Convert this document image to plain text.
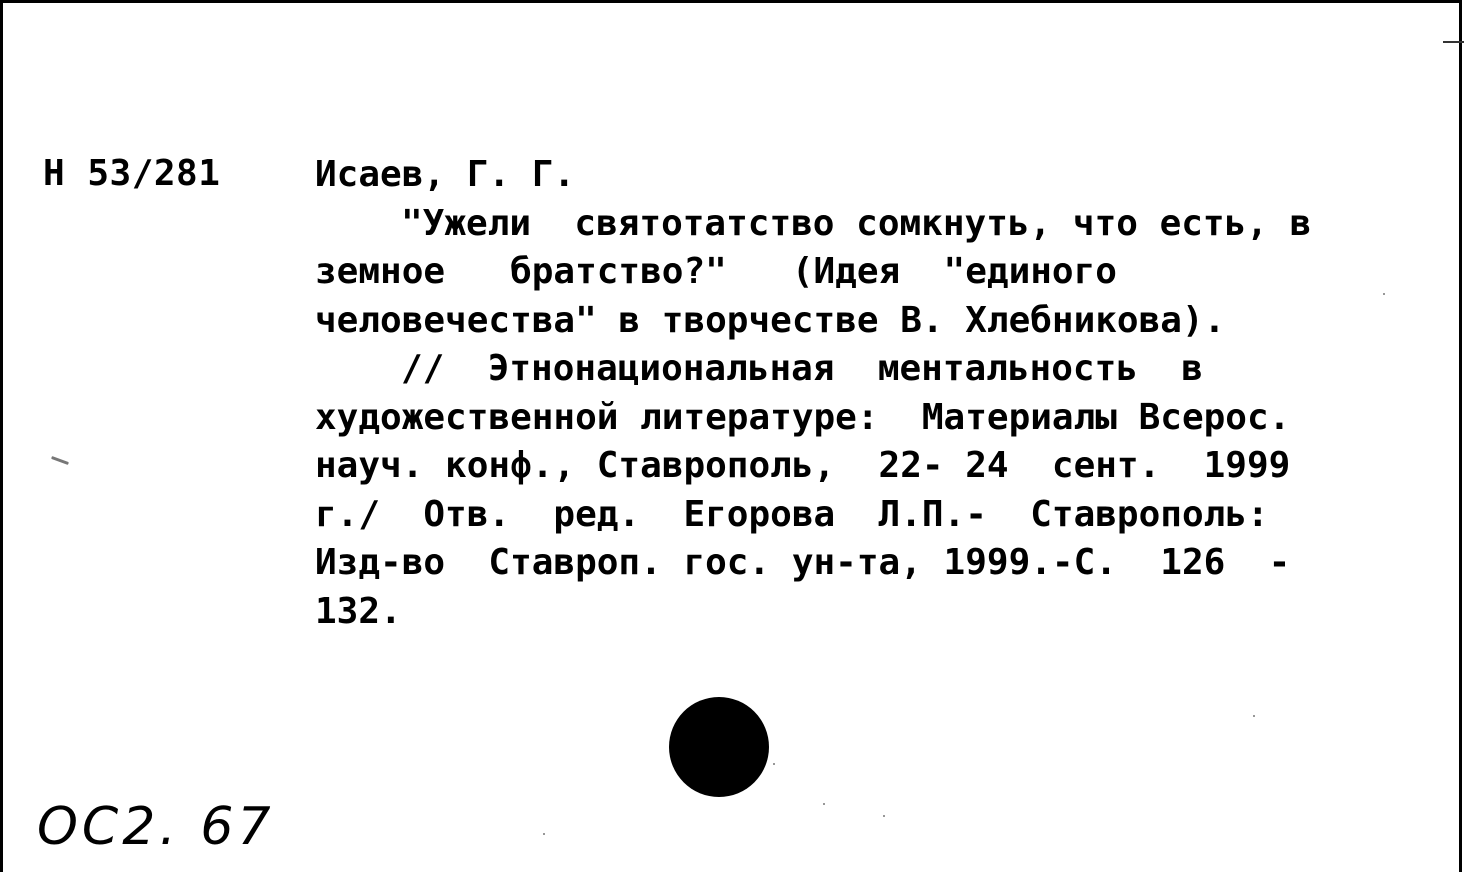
Н 53/281	Исаев, Г. Г.
"Ужели  святотатство сомкнуть, что есть, в
земное   братство?"   (Идея  "единого
человечества" в творчестве В. Хлебникова).
//  Этнонациональная  ментальность  в
художественной литературе:  Материалы Всерос.
науч. конф., Ставрополь,  22- 24  сент.  1999
г./  Отв.  ред.  Егорова  Л.П.-  Ставрополь:
Изд-во  Ставроп. гос. ун-та, 1999.-С.  126  -
132.
ОС2. 67
